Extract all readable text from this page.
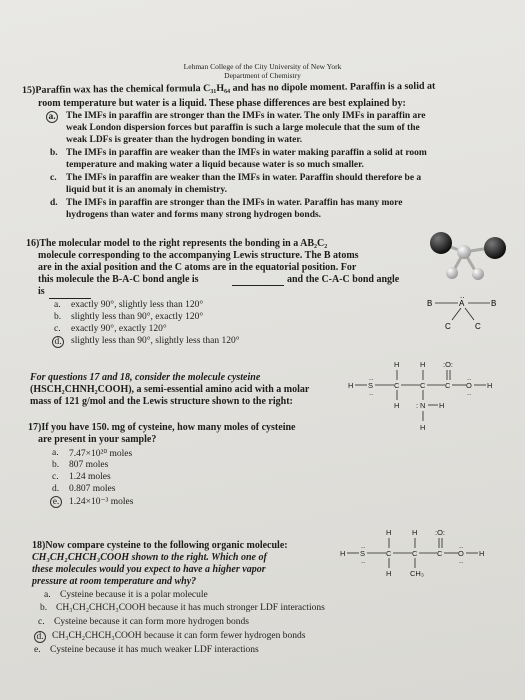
Lehman College of the City University of New York
Department of Chemistry
15)Paraffin wax has the chemical formula C₃₁H₆₄ and has no dipole moment. Paraffin is a solid at
room temperature but water is a liquid. These phase differences are best explained by:
a. The IMFs in paraffin are stronger than the IMFs in water. The only IMFs in paraffin are
weak London dispersion forces but paraffin is such a large molecule that the sum of the
weak LDFs is greater than the hydrogen bonding in water.
b. The IMFs in paraffin are weaker than the IMFs in water making paraffin a solid at room
temperature and making water a liquid because water is so much smaller.
c. The IMFs in paraffin are weaker than the IMFs in water. Paraffin should therefore be a
liquid but it is an anomaly in chemistry.
d. The IMFs in paraffin are stronger than the IMFs in water. Paraffin has many more
hydrogens than water and forms many strong hydrogen bonds.
16)The molecular model to the right represents the bonding in a AB₂C₂
molecule corresponding to the accompanying Lewis structure. The B atoms
are in the axial position and the C atoms are in the equatorial position. For
this molecule the B-A-C bond angle is	and the C-A-C bond angle
is
a. exactly 90°, slightly less than 120°
b. slightly less than 90°, exactly 120°
c. exactly 90°, exactly 120°
d. slightly less than 90°, slightly less than 120°
B	A
..
B
C	C
For questions 17 and 18, consider the molecule cysteine
(HSCH₂CHNH₂COOH), a semi-essential amino acid with a molar
mass of 121 g/mol and the Lewis structure shown to the right:
H	H :O:
H S
..
..
C	C	C O
..
..
H
H : N H
H
17)If you have 150. mg of cysteine, how many moles of cysteine
are present in your sample?
a. 7.47×10²⁰ moles
b. 807 moles
c. 1.24 moles
d. 0.807 moles
e. 1.24×10⁻³ moles
18)Now compare cysteine to the following organic molecule:
CH₃CH₂CHCH₃COOH shown to the right. Which one of
these molecules would you expect to have a higher vapor
pressure at room temperature and why?
H	H :O:
H S
..
..
C	C	C O
..
..
H
H CH₃
a. Cysteine because it is a polar molecule
b. CH₃CH₂CHCH₃COOH because it has much stronger LDF interactions
c. Cysteine because it can form more hydrogen bonds
d. CH₃CH₂CHCH₃COOH because it can form fewer hydrogen bonds
e. Cysteine because it has much weaker LDF interactions
